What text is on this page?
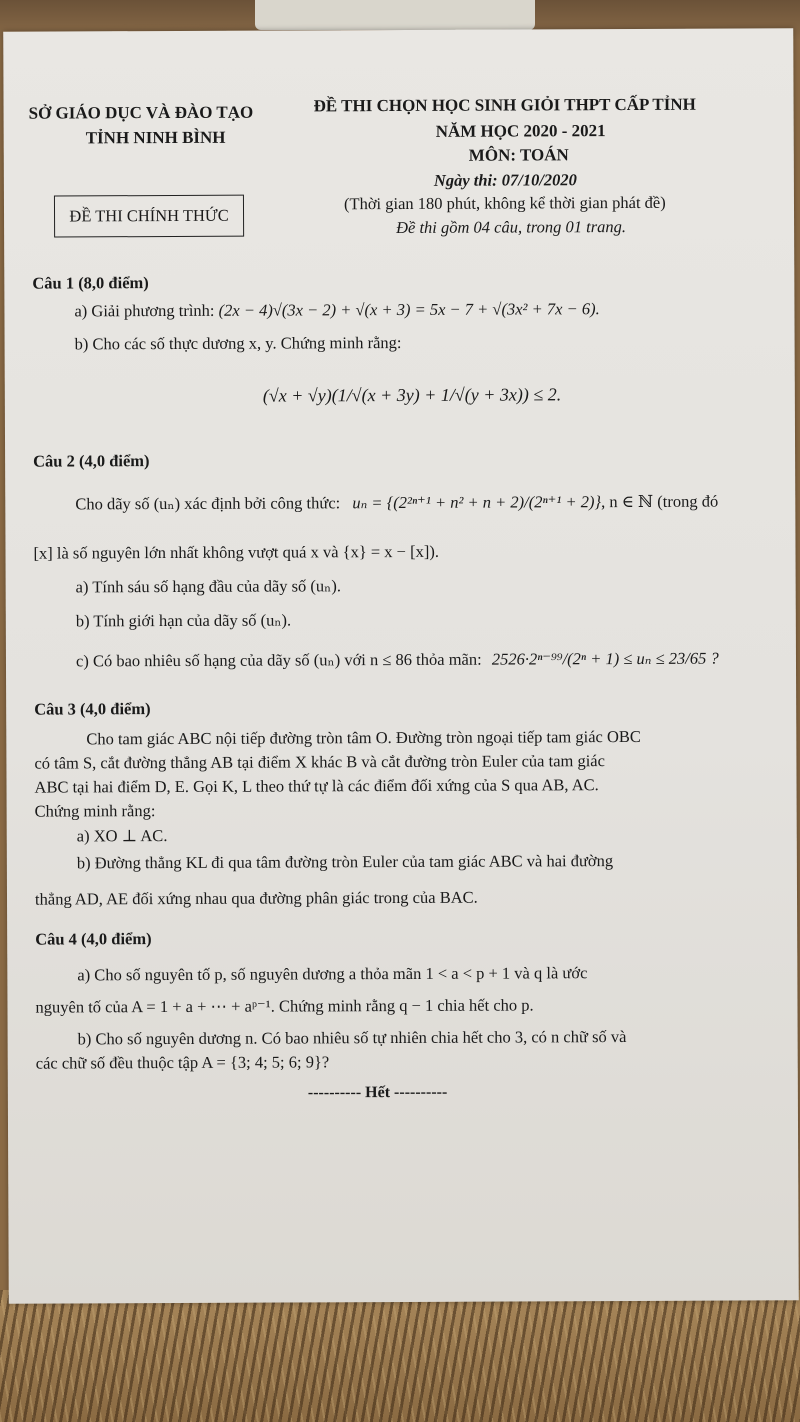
SỞ GIÁO DỤC VÀ ĐÀO TẠO
TỈNH NINH BÌNH
ĐỀ THI CHÍNH THỨC
ĐỀ THI CHỌN HỌC SINH GIỎI THPT CẤP TỈNH
NĂM HỌC 2020 - 2021
MÔN: TOÁN
Ngày thi: 07/10/2020
(Thời gian 180 phút, không kể thời gian phát đề)
Đề thi gồm 04 câu, trong 01 trang.
Câu 1 (8,0 điểm)
a) Giải phương trình: (2x − 4)√(3x − 2) + √(x + 3) = 5x − 7 + √(3x² + 7x − 6).
b) Cho các số thực dương x, y. Chứng minh rằng:
(√x + √y)(1/√(x + 3y) + 1/√(y + 3x)) ≤ 2.
Câu 2 (4,0 điểm)
Cho dãy số (uₙ) xác định bởi công thức: uₙ = {(2²ⁿ⁺¹ + n² + n + 2)/(2ⁿ⁺¹ + 2)}, n ∈ ℕ (trong đó
[x] là số nguyên lớn nhất không vượt quá x và {x} = x − [x]).
a) Tính sáu số hạng đầu của dãy số (uₙ).
b) Tính giới hạn của dãy số (uₙ).
c) Có bao nhiêu số hạng của dãy số (uₙ) với n ≤ 86 thỏa mãn: 2526·2ⁿ⁻⁹⁹/(2ⁿ + 1) ≤ uₙ ≤ 23/65 ?
Câu 3 (4,0 điểm)
Cho tam giác ABC nội tiếp đường tròn tâm O. Đường tròn ngoại tiếp tam giác OBC
có tâm S, cắt đường thẳng AB tại điểm X khác B và cắt đường tròn Euler của tam giác
ABC tại hai điểm D, E. Gọi K, L theo thứ tự là các điểm đối xứng của S qua AB, AC.
Chứng minh rằng:
a) XO ⊥ AC.
b) Đường thẳng KL đi qua tâm đường tròn Euler của tam giác ABC và hai đường
thẳng AD, AE đối xứng nhau qua đường phân giác trong của BAC.
Câu 4 (4,0 điểm)
a) Cho số nguyên tố p, số nguyên dương a thỏa mãn 1 < a < p + 1 và q là ước
nguyên tố của A = 1 + a + ⋯ + aᵖ⁻¹. Chứng minh rằng q − 1 chia hết cho p.
b) Cho số nguyên dương n. Có bao nhiêu số tự nhiên chia hết cho 3, có n chữ số và
các chữ số đều thuộc tập A = {3; 4; 5; 6; 9}?
---------- Hết ----------
